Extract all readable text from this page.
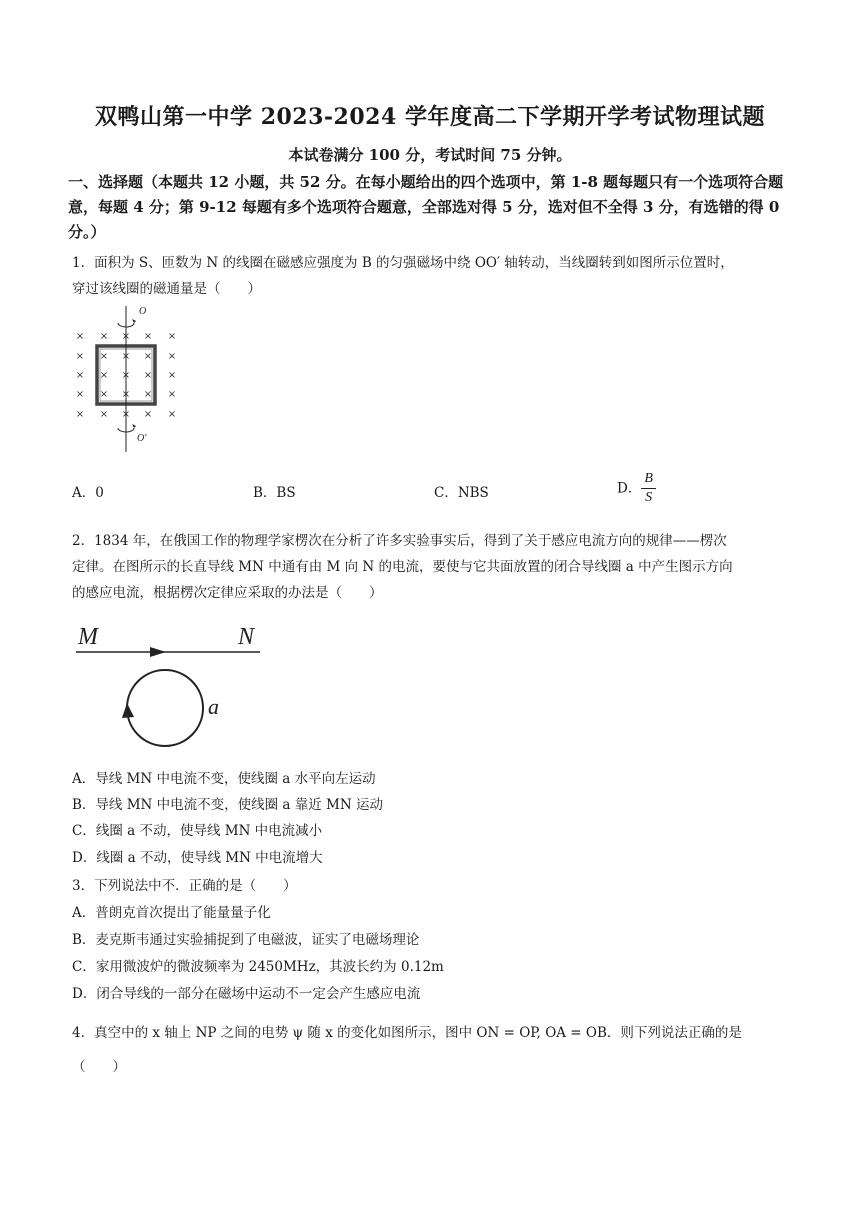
双鸭山第一中学 2023-2024 学年度高二下学期开学考试物理试题
本试卷满分 100 分，考试时间 75 分钟。
一、选择题（本题共 12 小题，共 52 分。在每小题给出的四个选项中，第 1-8 题每题只有一个选项符合题意，每题 4 分；第 9-12 每题有多个选项符合题意，全部选对得 5 分，选对但不全得 3 分，有选错的得 0 分。）
1．面积为 S、匝数为 N 的线圈在磁感应强度为 B 的匀强磁场中绕 OO′ 轴转动，当线圈转到如图所示位置时，
穿过该线圈的磁通量是（　　）
×
×
×
×
×
×
×
×
×
×
× × ×
× × ×
× × ×
× × ×
× × ×
O
O′
A．0	B．BS	C．NBS	D． $\frac{B}{S}$
2．1834 年，在俄国工作的物理学家楞次在分析了许多实验事实后，得到了关于感应电流方向的规律——楞次
定律。在图所示的长直导线 MN 中通有由 M 向 N 的电流，要使与它共面放置的闭合导线圈 a 中产生图示方向
的感应电流，根据楞次定律应采取的办法是（　　）
M	N
a
A．导线 MN 中电流不变，使线圈 a 水平向左运动
B．导线 MN 中电流不变，使线圈 a 靠近 MN 运动
C．线圈 a 不动，使导线 MN 中电流减小
D．线圈 a 不动，使导线 MN 中电流增大
3．下列说法中不．正确的是（　　）
A．普朗克首次提出了能量量子化
B．麦克斯韦通过实验捕捉到了电磁波，证实了电磁场理论
C．家用微波炉的微波频率为 2450MHz，其波长约为 0.12m
D．闭合导线的一部分在磁场中运动不一定会产生感应电流
4．真空中的 x 轴上 NP 之间的电势 ψ 随 x 的变化如图所示，图中 ON = OP, OA = OB．则下列说法正确的是
（　　）
